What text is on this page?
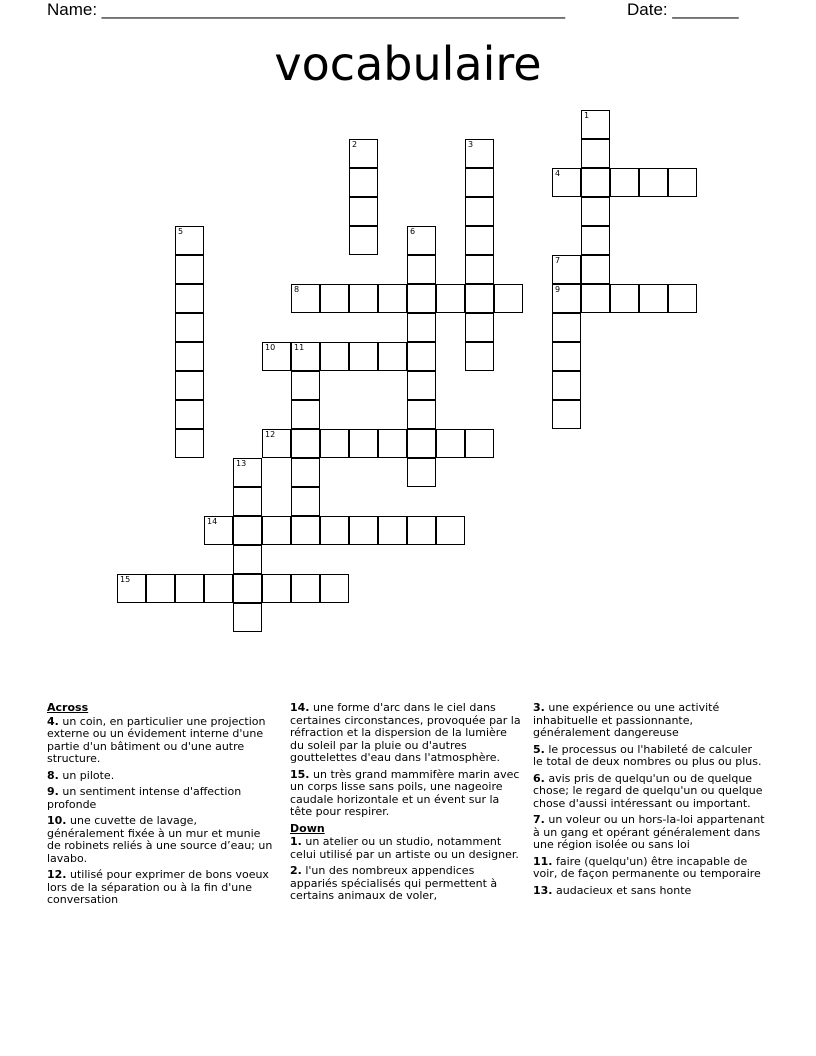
Name: _________________________________________________	Date: _______
vocabulaire
1
2	3
4
5	6
7
9
8
10 11
12
13
14
15
Across
4. un coin, en particulier une projection externe ou un évidement interne d'une partie d'un bâtiment ou d'une autre structure.
8. un pilote.
9. un sentiment intense d'affection profonde
10. une cuvette de lavage, généralement fixée à un mur et munie de robinets reliés à une source d’eau; un lavabo.
12. utilisé pour exprimer de bons voeux lors de la séparation ou à la fin d'une conversation
14. une forme d'arc dans le ciel dans certaines circonstances, provoquée par la réfraction et la dispersion de la lumière du soleil par la pluie ou d'autres gouttelettes d'eau dans l'atmosphère.
15. un très grand mammifère marin avec un corps lisse sans poils, une nageoire caudale horizontale et un évent sur la tête pour respirer.
Down
1. un atelier ou un studio, notamment celui utilisé par un artiste ou un designer.
2. l'un des nombreux appendices appariés spécialisés qui permettent à certains animaux de voler,
3. une expérience ou une activité inhabituelle et passionnante, généralement dangereuse
5. le processus ou l'habileté de calculer le total de deux nombres ou plus ou plus.
6. avis pris de quelqu'un ou de quelque chose; le regard de quelqu'un ou quelque chose d'aussi intéressant ou important.
7. un voleur ou un hors-la-loi appartenant à un gang et opérant généralement dans une région isolée ou sans loi
11. faire (quelqu'un) être incapable de voir, de façon permanente ou temporaire
13. audacieux et sans honte
